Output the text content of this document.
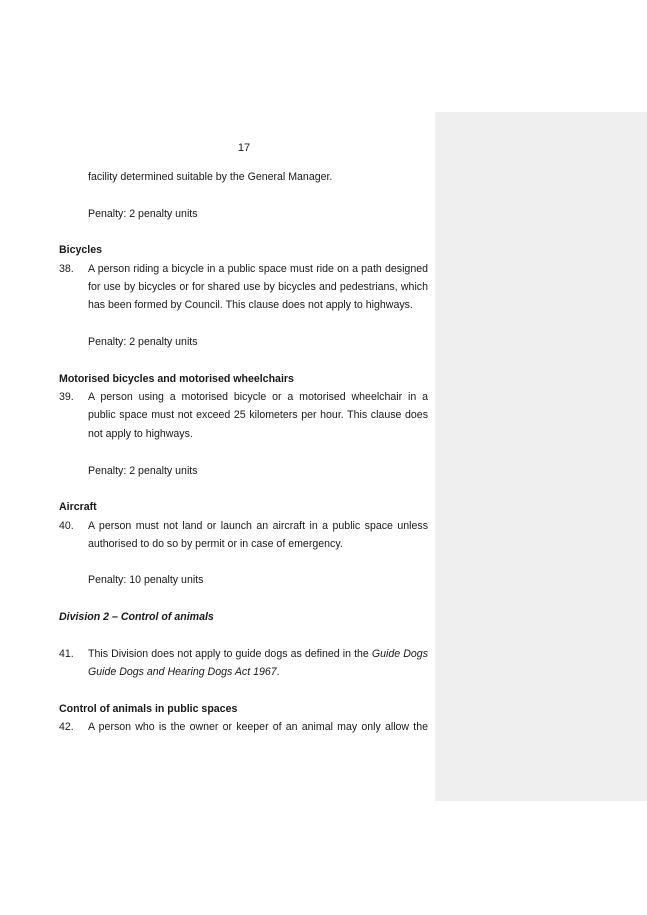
17
facility determined suitable by the General Manager.
Penalty: 2 penalty units
Bicycles
38. A person riding a bicycle in a public space must ride on a path designed
for use by bicycles or for shared use by bicycles and pedestrians, which
has been formed by Council. This clause does not apply to highways.
Penalty: 2 penalty units
Motorised bicycles and motorised wheelchairs
39. A person using a motorised bicycle or a motorised wheelchair in a
public space must not exceed 25 kilometers per hour. This clause does
not apply to highways.
Penalty: 2 penalty units
Aircraft
40. A person must not land or launch an aircraft in a public space unless
authorised to do so by permit or in case of emergency.
Penalty: 10 penalty units
Division 2 – Control of animals
41. This Division does not apply to guide dogs as defined in the Guide Dogs
Guide Dogs and Hearing Dogs Act 1967.
Control of animals in public spaces
42. A person who is the owner or keeper of an animal may only allow the
